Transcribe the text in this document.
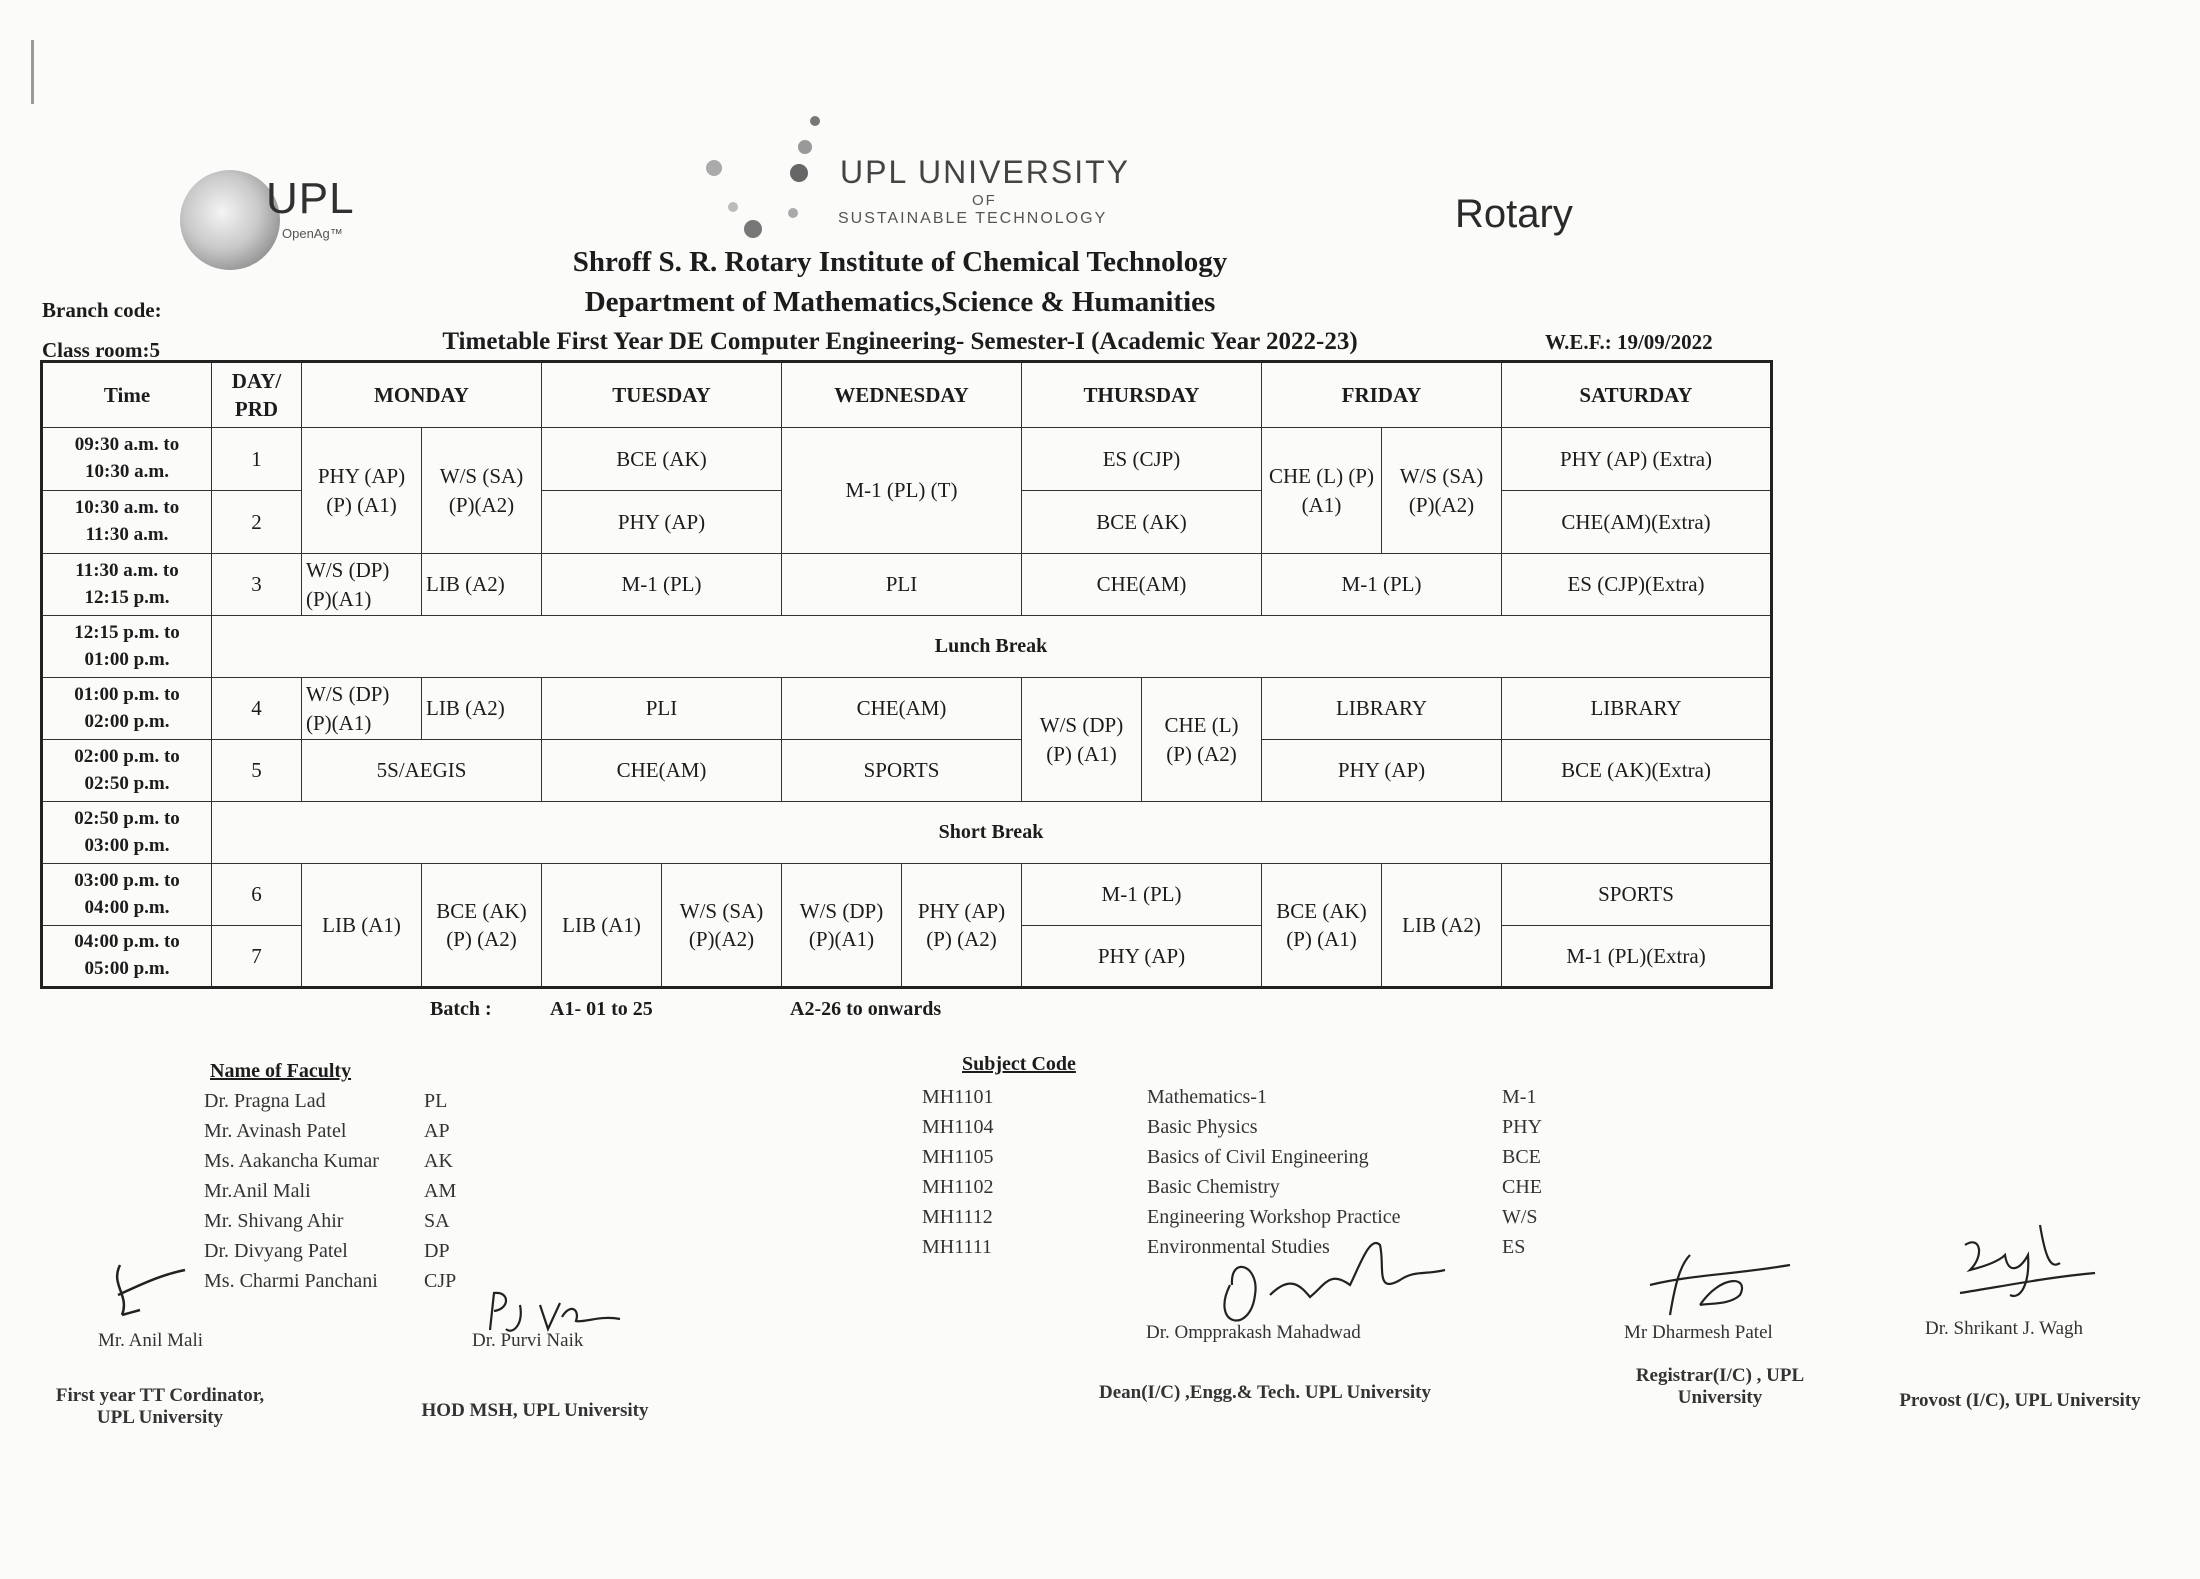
UPL
OpenAg™
UPL UNIVERSITY
OF
SUSTAINABLE TECHNOLOGY	Rotary
Shroff S. R. Rotary Institute of Chemical Technology
Department of Mathematics,Science & Humanities
Timetable First Year DE Computer Engineering- Semester-I (Academic Year 2022-23)
Branch code:
Class room:5	W.E.F.: 19/09/2022
Time	DAY/
PRD	MONDAY		TUESDAY		WEDNESDAY		THURSDAY		FRIDAY		SATURDAY
09:30 a.m. to
10:30 a.m.	1	PHY (AP)
(P) (A1)	W/S (SA)
(P)(A2)	BCE (AK)		M-1 (PL) (T)		ES (CJP)		CHE (L) (P)
(A1)	W/S (SA)
(P)(A2)	PHY (AP) (Extra)
10:30 a.m. to
11:30 a.m.	2			PHY (AP)				BCE (AK)				CHE(AM)(Extra)
11:30 a.m. to
12:15 p.m.	3	W/S (DP)
(P)(A1)	LIB (A2)	M-1 (PL)		PLI		CHE(AM)		M-1 (PL)		ES (CJP)(Extra)
12:15 p.m. to
01:00 p.m.	Lunch Break											
01:00 p.m. to
02:00 p.m.	4	W/S (DP)
(P)(A1)	LIB (A2)	PLI		CHE(AM)		W/S (DP)
(P) (A1)	CHE (L)
(P) (A2)	LIBRARY		LIBRARY
02:00 p.m. to
02:50 p.m.	5	5S/AEGIS		CHE(AM)		SPORTS				PHY (AP)		BCE (AK)(Extra)
02:50 p.m. to
03:00 p.m.	Short Break											
03:00 p.m. to
04:00 p.m.	6	LIB (A1)	BCE (AK)
(P) (A2)	LIB (A1)	W/S (SA)
(P)(A2)	W/S (DP)
(P)(A1)	PHY (AP)
(P) (A2)	M-1 (PL)		BCE (AK)
(P) (A1)	LIB (A2)	SPORTS
04:00 p.m. to
05:00 p.m.	7							PHY (AP)				M-1 (PL)(Extra)
Batch :	A1- 01 to 25	A2-26 to onwards
Name of Faculty
Dr. Pragna Lad	PL
Mr. Avinash Patel	AP
Ms. Aakancha Kumar AK
Mr.Anil Mali	AM
Mr. Shivang Ahir	SA
Dr. Divyang Patel	DP
Ms. Charmi Panchani CJP
Subject Code
MH1101	Mathematics-1	M-1
MH1104	Basic Physics	PHY
MH1105	Basics of Civil Engineering	BCE
MH1102	Basic Chemistry	CHE
MH1112	Engineering Workshop Practice	W/S
MH1111	Environmental Studies	ES
Mr. Anil Mali	Dr. Purvi Naik	Dr. Ompprakash Mahadwad	Mr Dharmesh Patel	Dr. Shrikant J. Wagh
First year TT Cordinator,
UPL University	HOD MSH, UPL University
Dean(I/C) ,Engg.& Tech. UPL University
Registrar(I/C) , UPL
University	Provost (I/C), UPL University
